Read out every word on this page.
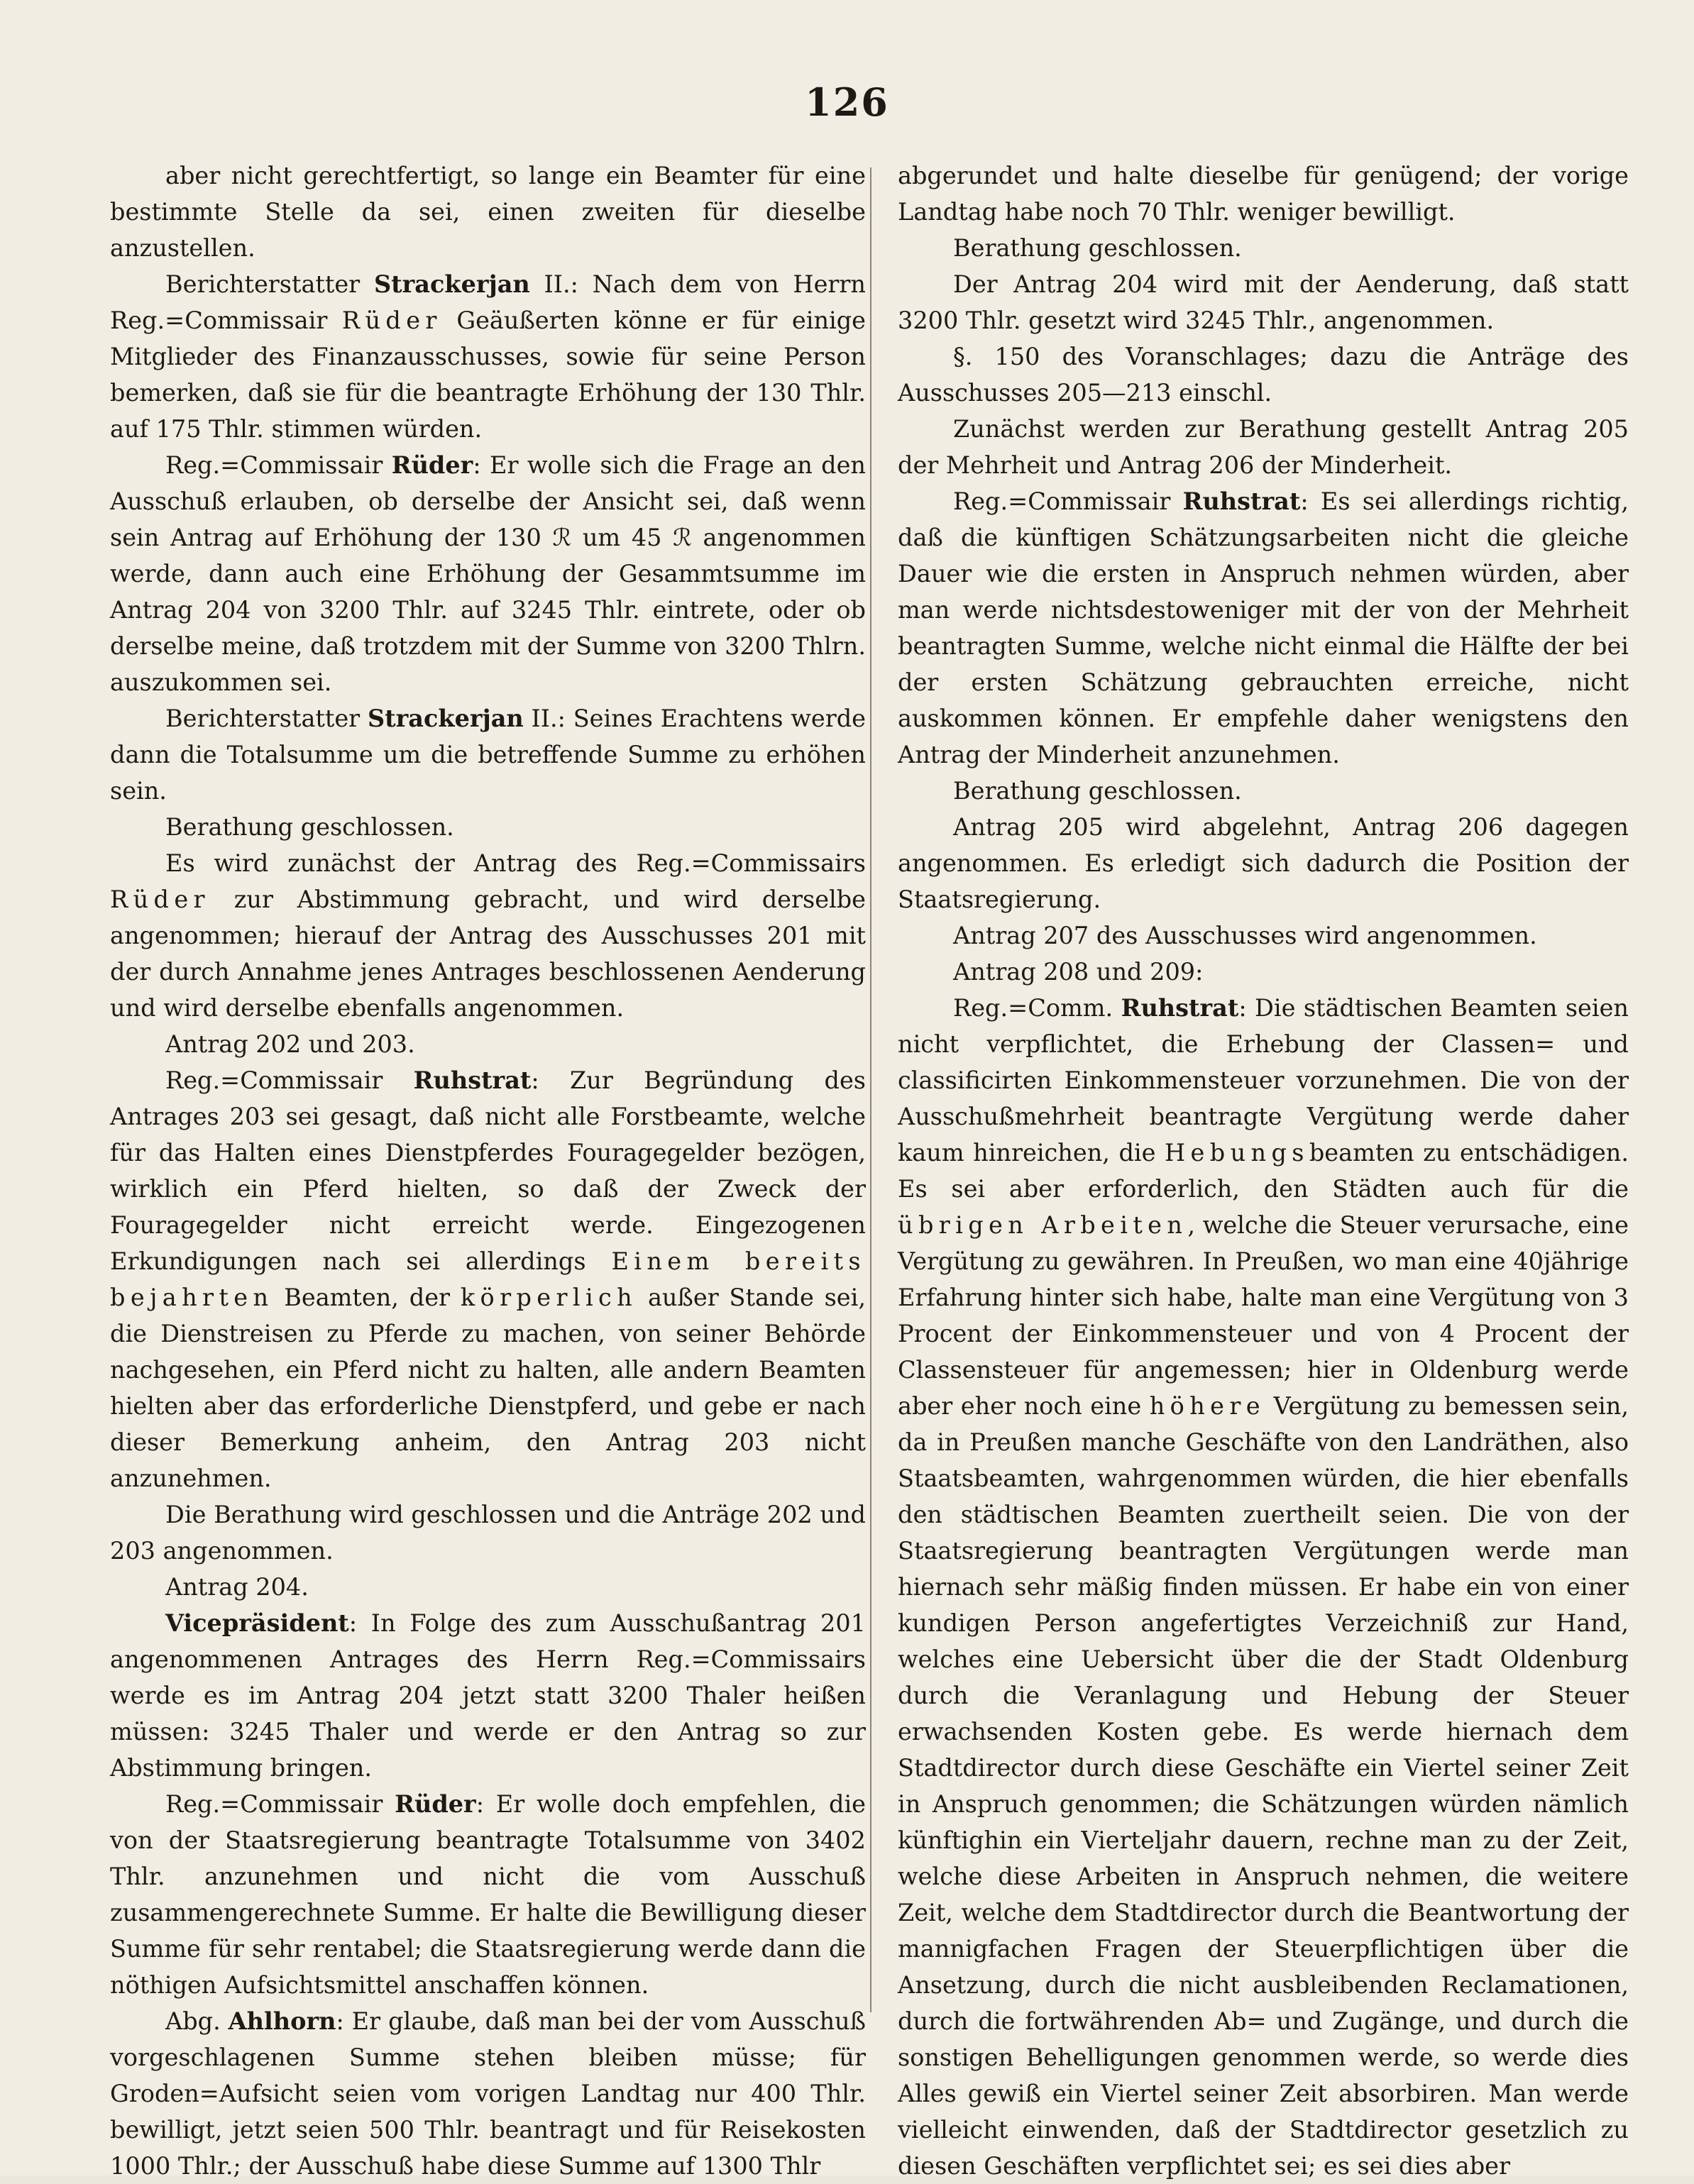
126

aber nicht gerechtfertigt, so lange ein Beamter für eine bestimmte Stelle da sei, einen zweiten für dieselbe anzustellen.

Berichterstatter Strackerjan II.: Nach dem von Herrn Reg.=Commissair Rüder Geäußerten könne er für einige Mitglieder des Finanzausschusses, sowie für seine Person bemerken, daß sie für die beantragte Erhöhung der 130 Thlr. auf 175 Thlr. stimmen würden.

Reg.=Commissair Rüder: Er wolle sich die Frage an den Ausschuß erlauben, ob derselbe der Ansicht sei, daß wenn sein Antrag auf Erhöhung der 130 ℛ um 45 ℛ angenommen werde, dann auch eine Erhöhung der Gesammtsumme im Antrag 204 von 3200 Thlr. auf 3245 Thlr. eintrete, oder ob derselbe meine, daß trotzdem mit der Summe von 3200 Thlrn. auszukommen sei.

Berichterstatter Strackerjan II.: Seines Erachtens werde dann die Totalsumme um die betreffende Summe zu erhöhen sein.

Berathung geschlossen.

Es wird zunächst der Antrag des Reg.=Commissairs Rüder zur Abstimmung gebracht, und wird derselbe angenommen; hierauf der Antrag des Ausschusses 201 mit der durch Annahme jenes Antrages beschlossenen Aenderung und wird derselbe ebenfalls angenommen.

Antrag 202 und 203.

Reg.=Commissair Ruhstrat: Zur Begründung des Antrages 203 sei gesagt, daß nicht alle Forstbeamte, welche für das Halten eines Dienstpferdes Fouragegelder bezögen, wirklich ein Pferd hielten, so daß der Zweck der Fouragegelder nicht erreicht werde. Eingezogenen Erkundigungen nach sei allerdings Einem bereits bejahrten Beamten, der körperlich außer Stande sei, die Dienstreisen zu Pferde zu machen, von seiner Behörde nachgesehen, ein Pferd nicht zu halten, alle andern Beamten hielten aber das erforderliche Dienstpferd, und gebe er nach dieser Bemerkung anheim, den Antrag 203 nicht anzunehmen.

Die Berathung wird geschlossen und die Anträge 202 und 203 angenommen.

Antrag 204.

Vicepräsident: In Folge des zum Ausschußantrag 201 angenommenen Antrages des Herrn Reg.=Commissairs werde es im Antrag 204 jetzt statt 3200 Thaler heißen müssen: 3245 Thaler und werde er den Antrag so zur Abstimmung bringen.

Reg.=Commissair Rüder: Er wolle doch empfehlen, die von der Staatsregierung beantragte Totalsumme von 3402 Thlr. anzunehmen und nicht die vom Ausschuß zusammengerechnete Summe. Er halte die Bewilligung dieser Summe für sehr rentabel; die Staatsregierung werde dann die nöthigen Aufsichtsmittel anschaffen können.

Abg. Ahlhorn: Er glaube, daß man bei der vom Ausschuß vorgeschlagenen Summe stehen bleiben müsse; für Groden=Aufsicht seien vom vorigen Landtag nur 400 Thlr. bewilligt, jetzt seien 500 Thlr. beantragt und für Reisekosten 1000 Thlr.; der Ausschuß habe diese Summe auf 1300 Thlr

abgerundet und halte dieselbe für genügend; der vorige Landtag habe noch 70 Thlr. weniger bewilligt.

Berathung geschlossen.

Der Antrag 204 wird mit der Aenderung, daß statt 3200 Thlr. gesetzt wird 3245 Thlr., angenommen.

§. 150 des Voranschlages; dazu die Anträge des Ausschusses 205—213 einschl.

Zunächst werden zur Berathung gestellt Antrag 205 der Mehrheit und Antrag 206 der Minderheit.

Reg.=Commissair Ruhstrat: Es sei allerdings richtig, daß die künftigen Schätzungsarbeiten nicht die gleiche Dauer wie die ersten in Anspruch nehmen würden, aber man werde nichtsdestoweniger mit der von der Mehrheit beantragten Summe, welche nicht einmal die Hälfte der bei der ersten Schätzung gebrauchten erreiche, nicht auskommen können. Er empfehle daher wenigstens den Antrag der Minderheit anzunehmen.

Berathung geschlossen.

Antrag 205 wird abgelehnt, Antrag 206 dagegen angenommen. Es erledigt sich dadurch die Position der Staatsregierung.

Antrag 207 des Ausschusses wird angenommen.

Antrag 208 und 209:

Reg.=Comm. Ruhstrat: Die städtischen Beamten seien nicht verpflichtet, die Erhebung der Classen= und classificirten Einkommensteuer vorzunehmen. Die von der Ausschußmehrheit beantragte Vergütung werde daher kaum hinreichen, die Hebungsbeamten zu entschädigen. Es sei aber erforderlich, den Städten auch für die übrigen Arbeiten, welche die Steuer verursache, eine Vergütung zu gewähren. In Preußen, wo man eine 40jährige Erfahrung hinter sich habe, halte man eine Vergütung von 3 Procent der Einkommensteuer und von 4 Procent der Classensteuer für angemessen; hier in Oldenburg werde aber eher noch eine höhere Vergütung zu bemessen sein, da in Preußen manche Geschäfte von den Landräthen, also Staatsbeamten, wahrgenommen würden, die hier ebenfalls den städtischen Beamten zuertheilt seien. Die von der Staatsregierung beantragten Vergütungen werde man hiernach sehr mäßig finden müssen. Er habe ein von einer kundigen Person angefertigtes Verzeichniß zur Hand, welches eine Uebersicht über die der Stadt Oldenburg durch die Veranlagung und Hebung der Steuer erwachsenden Kosten gebe. Es werde hiernach dem Stadtdirector durch diese Geschäfte ein Viertel seiner Zeit in Anspruch genommen; die Schätzungen würden nämlich künftighin ein Vierteljahr dauern, rechne man zu der Zeit, welche diese Arbeiten in Anspruch nehmen, die weitere Zeit, welche dem Stadtdirector durch die Beantwortung der mannigfachen Fragen der Steuerpflichtigen über die Ansetzung, durch die nicht ausbleibenden Reclamationen, durch die fortwährenden Ab= und Zugänge, und durch die sonstigen Behelligungen genommen werde, so werde dies Alles gewiß ein Viertel seiner Zeit absorbiren. Man werde vielleicht einwenden, daß der Stadtdirector gesetzlich zu diesen Geschäften verpflichtet sei; es sei dies aber
